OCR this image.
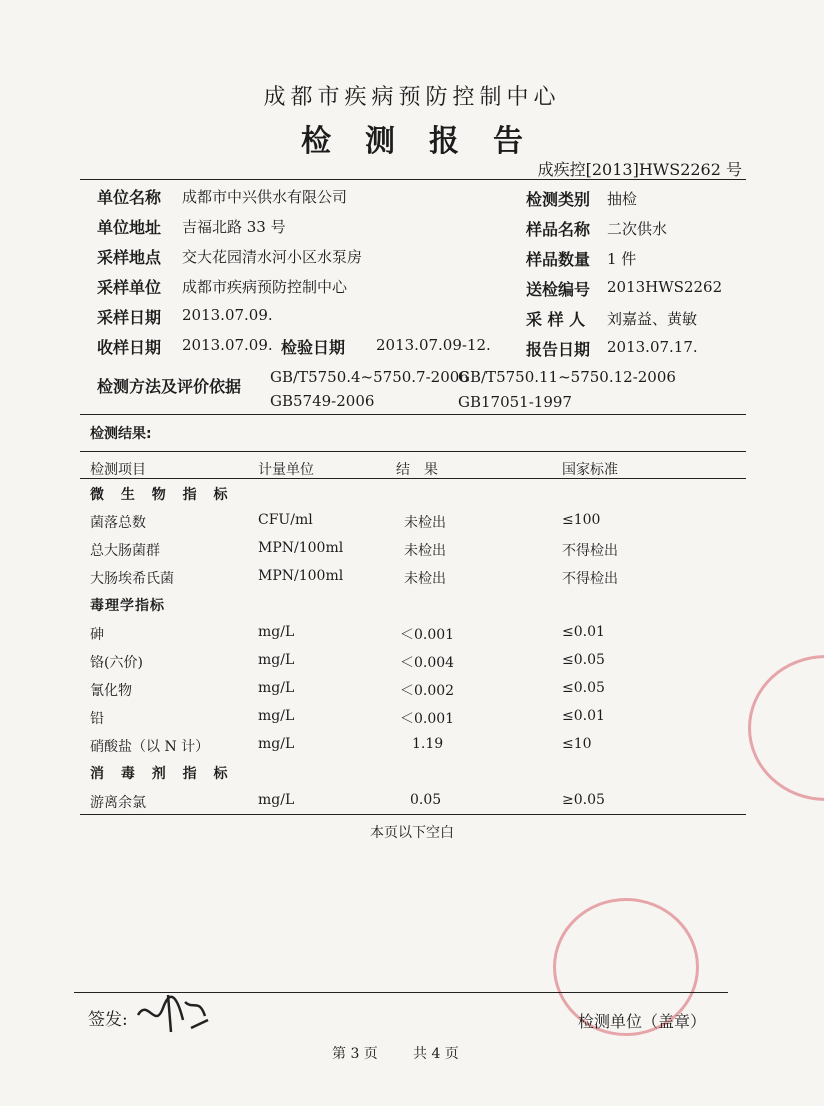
成都市疾病预防控制中心
检测报告
成疾控[2013]HWS2262 号
单位名称 成都市中兴供水有限公司
单位地址 吉福北路 33 号
采样地点 交大花园清水河小区水泵房
采样单位 成都市疾病预防控制中心
采样日期 2013.07.09.
收样日期 2013.07.09. 检验日期 2013.07.09-12.
检测类别 抽检
样品名称 二次供水
样品数量 1 件
送检编号 2013HWS2262
采 样 人 刘嘉益、黄敏
报告日期 2013.07.17.
检测方法及评价依据 GB/T5750.4~5750.7-2006
GB/T5750.11~5750.12-2006
GB5749-2006	GB17051-1997
检测结果:
检测项目	计量单位	结　果	国家标准
微 生 物 指 标
菌落总数	CFU/ml	未检出	≤100
总大肠菌群	MPN/100ml	未检出	不得检出
大肠埃希氏菌	MPN/100ml	未检出	不得检出
毒理学指标
砷	mg/L	＜0.001	≤0.01
铬(六价)	mg/L	＜0.004	≤0.05
氰化物	mg/L	＜0.002	≤0.05
铅	mg/L	＜0.001	≤0.01
硝酸盐（以 N 计）	mg/L	1.19	≤10
消 毒 剂 指 标
游离余氯	mg/L	0.05	≥0.05
本页以下空白
签发:	检测单位（盖章）
第 3 页	共 4 页
